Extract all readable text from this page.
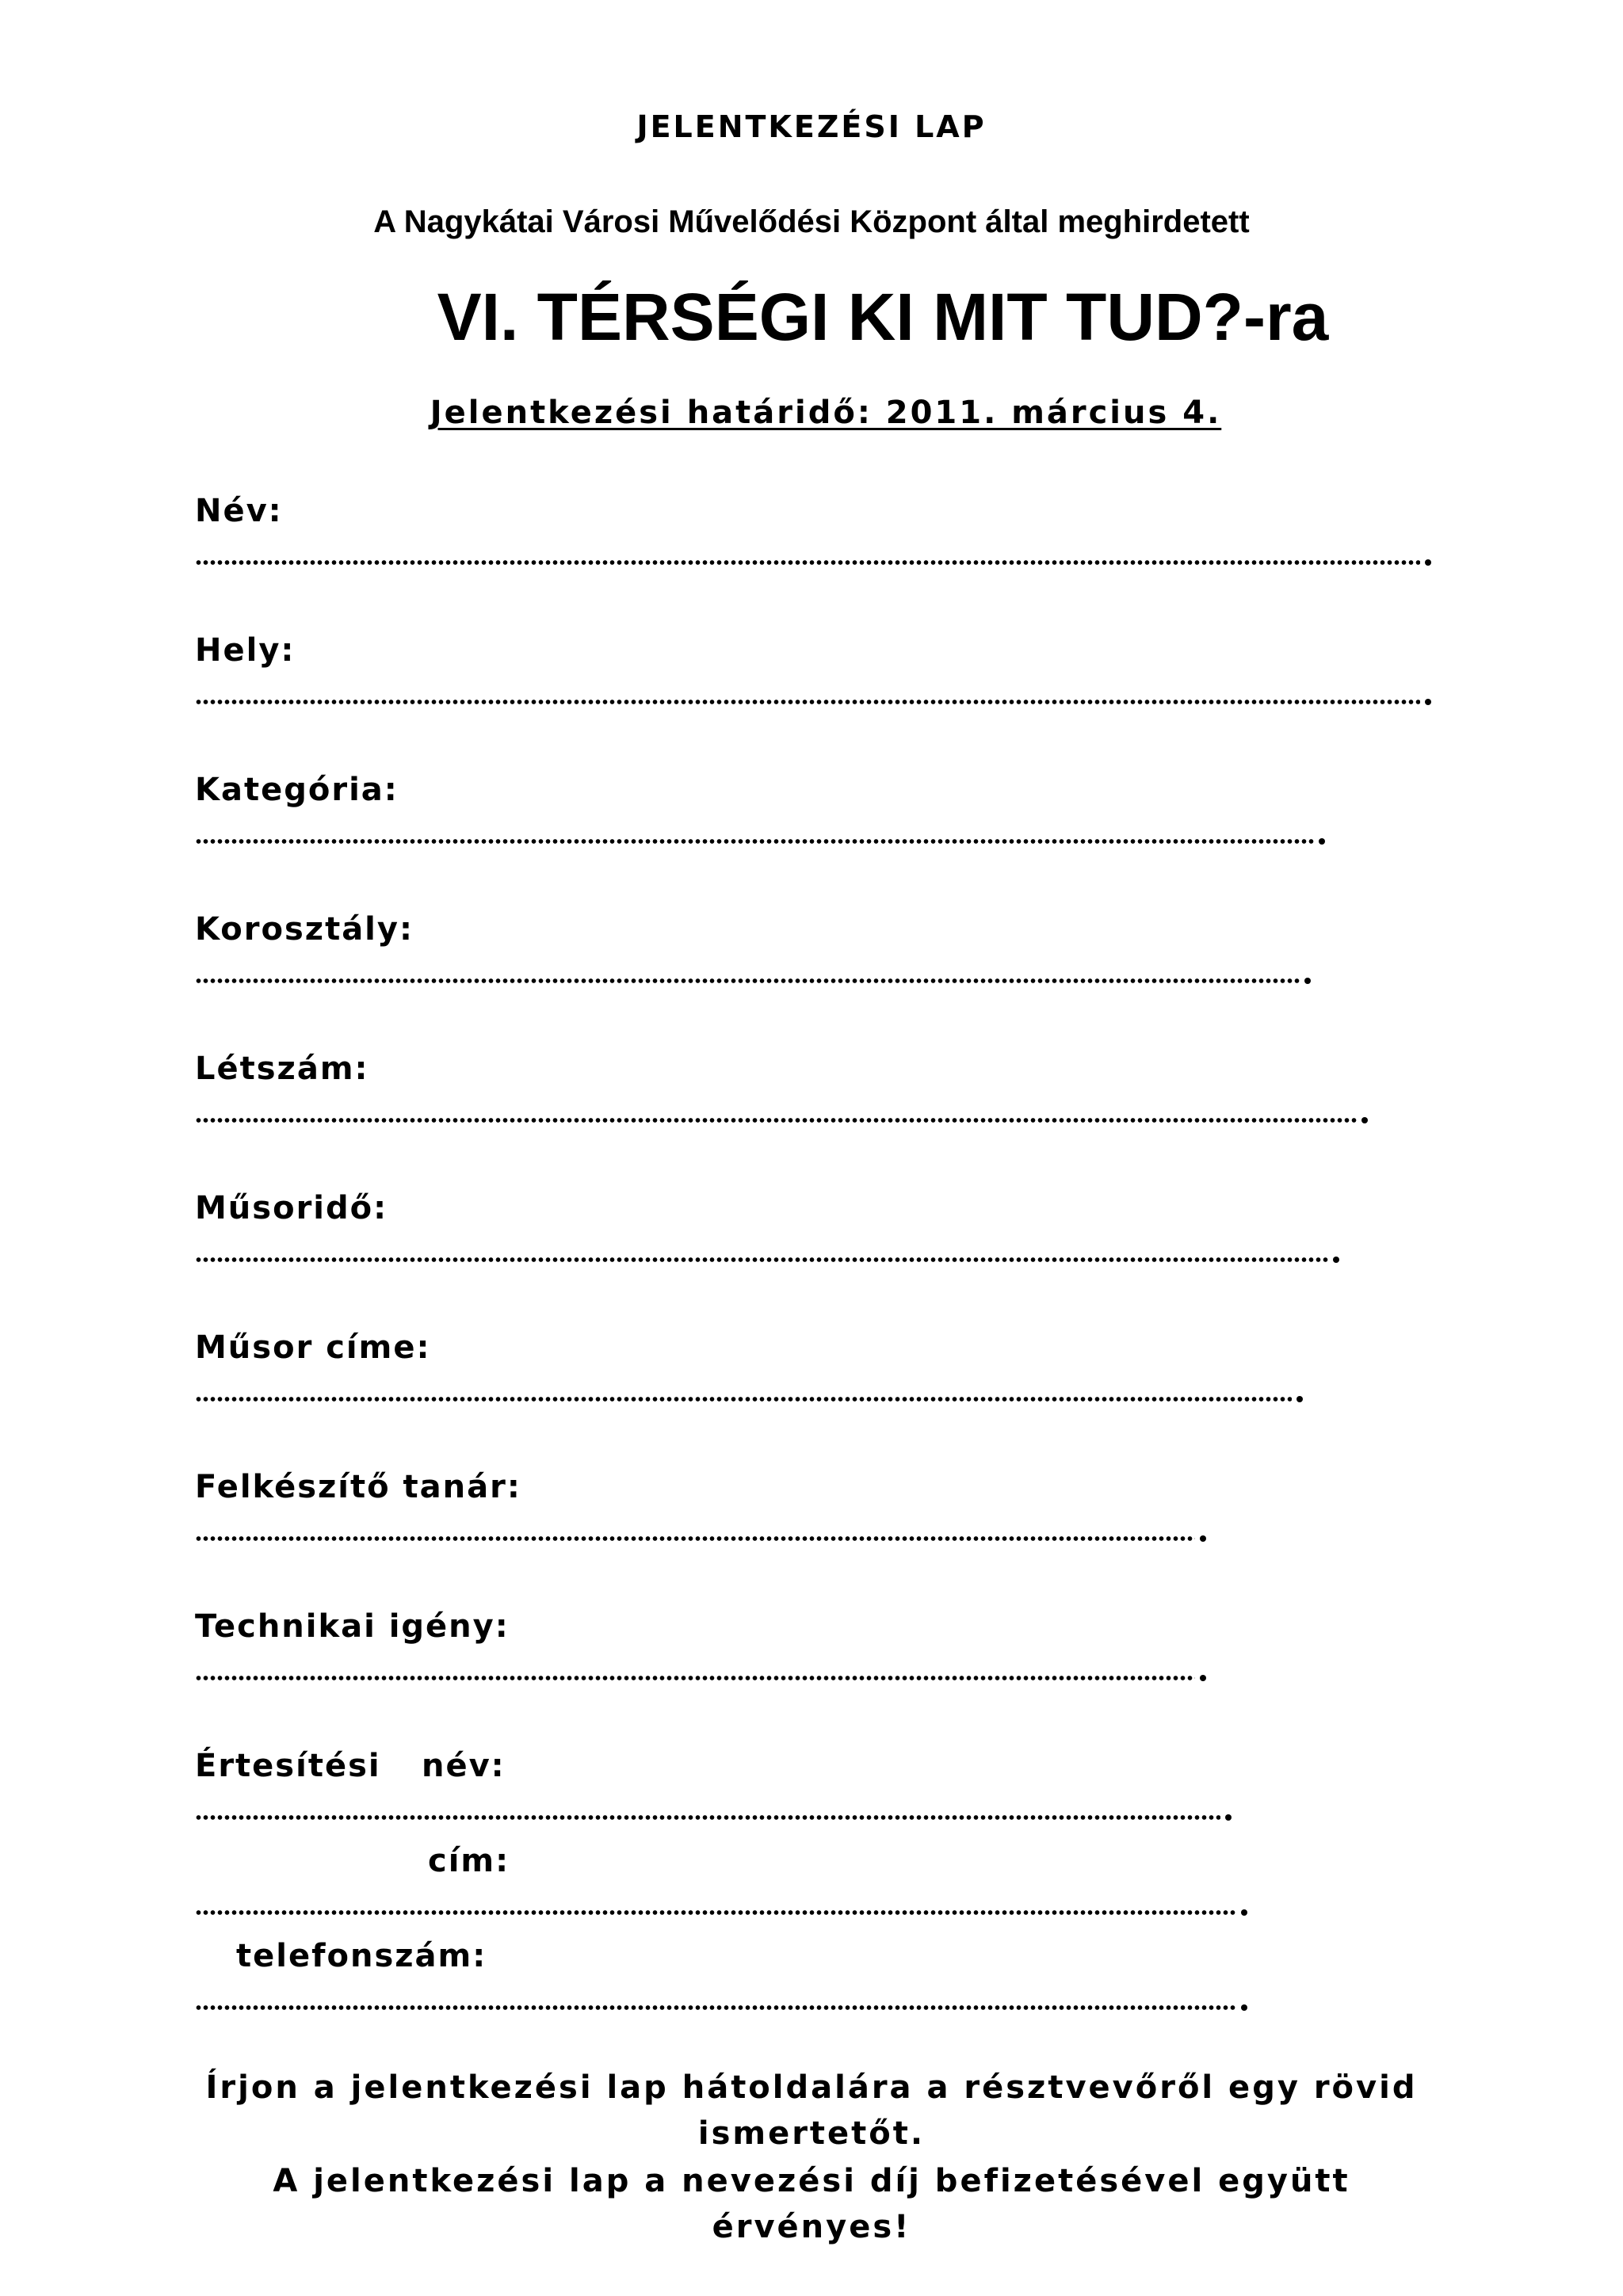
JELENTKEZÉSI LAP

A Nagykátai Városi Művelődési Központ által meghirdetett

VI. TÉRSÉGI KI MIT TUD?-ra

Jelentkezési határidő: 2011. március 4.

Név:

Hely:

Kategória:

Korosztály:

Létszám:

Műsoridő:

Műsor címe:

Felkészítő tanár:

Technikai igény:

Értesítési név:

cím:

telefonszám:

Írjon a jelentkezési lap hátoldalára a résztvevőről egy rövid

ismertetőt.

A jelentkezési lap a nevezési díj befizetésével együtt

érvényes!
